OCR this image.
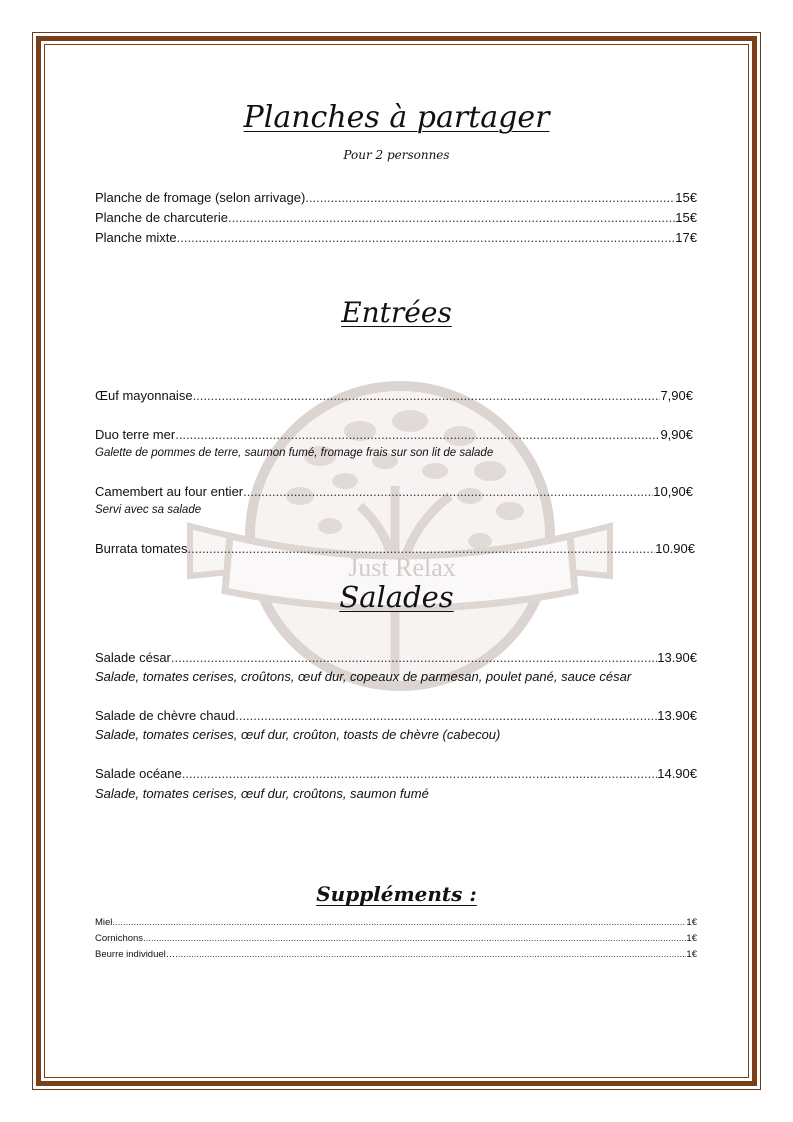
Just Relax
Planches à partager
Pour 2 personnes
Planche de fromage (selon arrivage) .....	15€
Planche de charcuterie .....	15€
Planche mixte .....	17€
Entrées
Œuf mayonnaise .....	7,90€
Duo terre mer .....	9,90€
Galette de pommes de terre, saumon fumé, fromage frais sur son lit de salade
Camembert au four entier .....	10,90€
Servi avec sa salade
Burrata tomates .....	10.90€
Salades
Salade césar .....	13.90€
Salade, tomates cerises, croûtons, œuf dur, copeaux de parmesan, poulet pané, sauce césar
Salade de chèvre chaud .....	13.90€
Salade, tomates cerises, œuf dur, croûton, toasts de chèvre (cabecou)
Salade océane .....	14.90€
Salade, tomates cerises, œuf dur, croûtons, saumon fumé
Suppléments :
Miel .....	1€
Cornichons .....	1€
Beurre individuel…. .....	1€
